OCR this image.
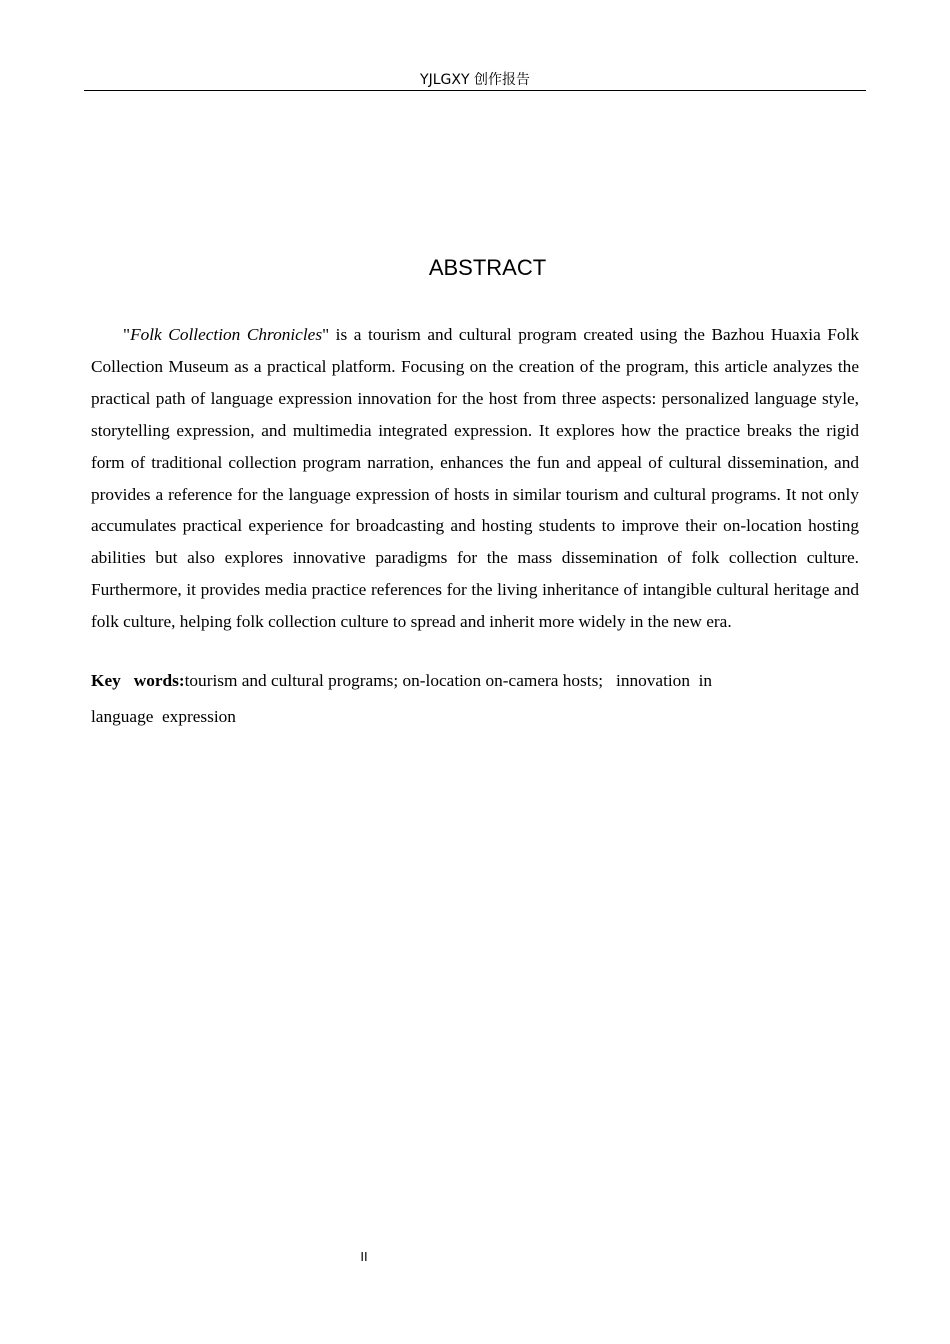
YJLGXY 创作报告
ABSTRACT

"Folk Collection Chronicles" is a tourism and cultural program created using the Bazhou Huaxia Folk Collection Museum as a practical platform. Focusing on the creation of the program, this article analyzes the practical path of language expression innovation for the host from three aspects: personalized language style, storytelling expression, and multimedia integrated expression. It explores how the practice breaks the rigid form of traditional collection program narration, enhances the fun and appeal of cultural dissemination, and provides a reference for the language expression of hosts in similar tourism and cultural programs. It not only accumulates practical experience for broadcasting and hosting students to improve their on-location hosting abilities but also explores innovative paradigms for the mass dissemination of folk collection culture. Furthermore, it provides media practice references for the living inheritance of intangible cultural heritage and folk culture, helping folk collection culture to spread and inherit more widely in the new era.

Key   words:tourism and cultural programs; on-location on-camera hosts;   innovation  in
language  expression
II
